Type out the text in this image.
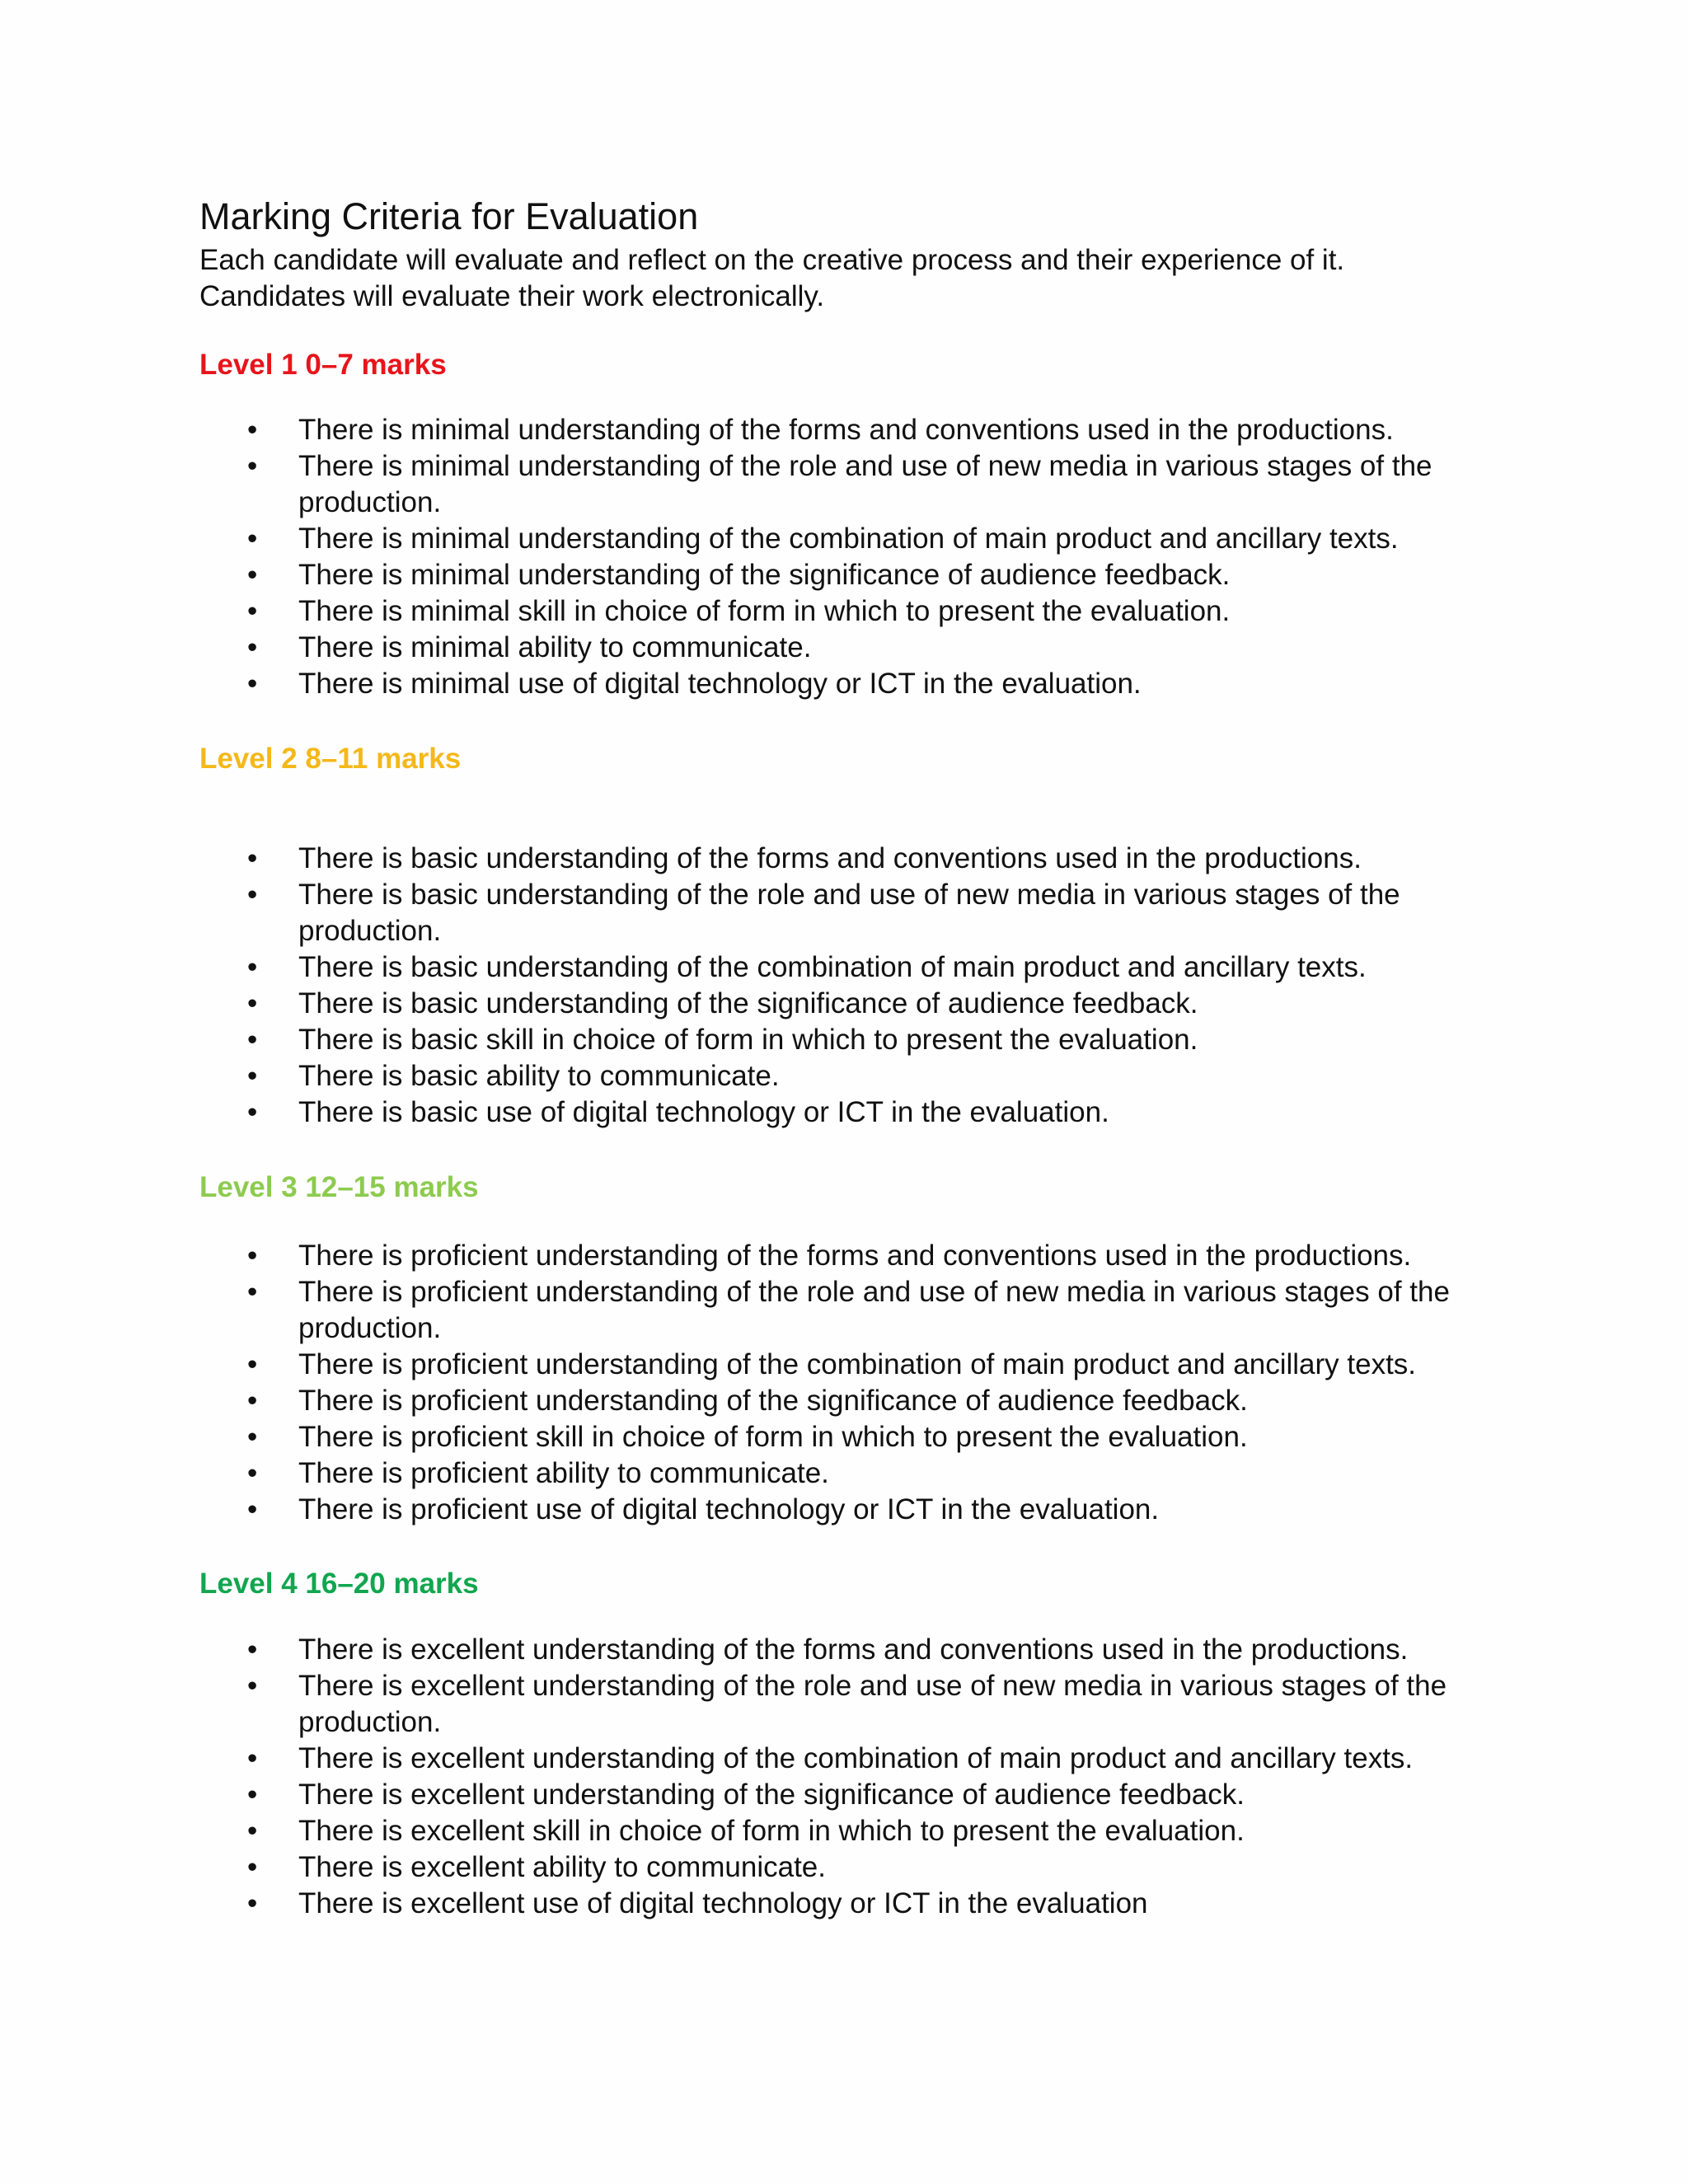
Marking Criteria for Evaluation

Each candidate will evaluate and reflect on the creative process and their experience of it.
Candidates will evaluate their work electronically.

Level 1 0–7 marks
•	There is minimal understanding of the forms and conventions used in the productions.
•	There is minimal understanding of the role and use of new media in various stages of the production.
•	There is minimal understanding of the combination of main product and ancillary texts.
•	There is minimal understanding of the significance of audience feedback.
•	There is minimal skill in choice of form in which to present the evaluation.
•	There is minimal ability to communicate.
•	There is minimal use of digital technology or ICT in the evaluation.
Level 2 8–11 marks
•	There is basic understanding of the forms and conventions used in the productions.
•	There is basic understanding of the role and use of new media in various stages of the production.
•	There is basic understanding of the combination of main product and ancillary texts.
•	There is basic understanding of the significance of audience feedback.
•	There is basic skill in choice of form in which to present the evaluation.
•	There is basic ability to communicate.
•	There is basic use of digital technology or ICT in the evaluation.
Level 3 12–15 marks
•	There is proficient understanding of the forms and conventions used in the productions.
•	There is proficient understanding of the role and use of new media in various stages of the production.
•	There is proficient understanding of the combination of main product and ancillary texts.
•	There is proficient understanding of the significance of audience feedback.
•	There is proficient skill in choice of form in which to present the evaluation.
•	There is proficient ability to communicate.
•	There is proficient use of digital technology or ICT in the evaluation.
Level 4 16–20 marks
•	There is excellent understanding of the forms and conventions used in the productions.
•	There is excellent understanding of the role and use of new media in various stages of the production.
•	There is excellent understanding of the combination of main product and ancillary texts.
•	There is excellent understanding of the significance of audience feedback.
•	There is excellent skill in choice of form in which to present the evaluation.
•	There is excellent ability to communicate.
•	There is excellent use of digital technology or ICT in the evaluation
